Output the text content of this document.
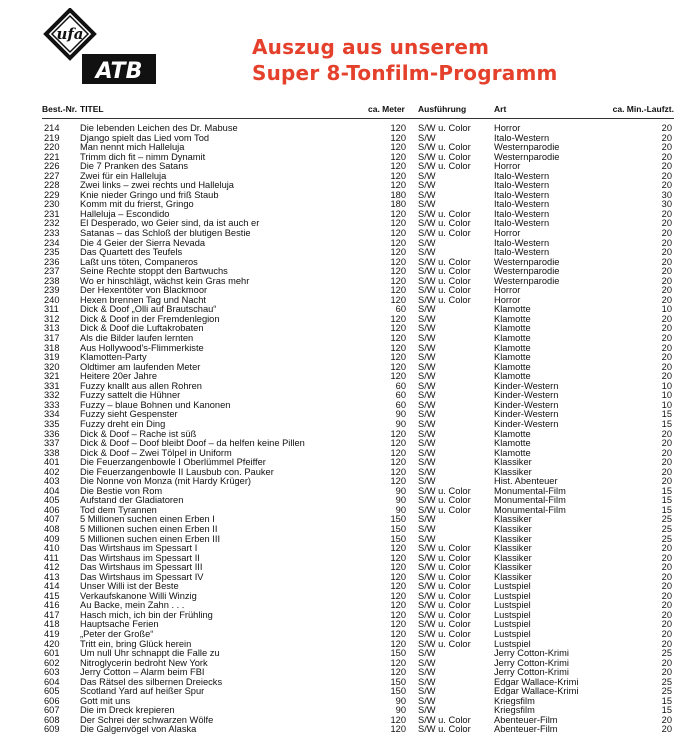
ufa
ATB
Auszug aus unserem
Super 8-Tonfilm-Programm
Best.-Nr. TITEL	ca. Meter Ausführung	Art	ca. Min.-Laufzt.
214 Die lebenden Leichen des Dr. Mabuse	120 S/W u. Color	Horror	20
219 Django spielt das Lied vom Tod	120 S/W	Italo-Western	20
220 Man nennt mich Halleluja	120 S/W u. Color	Westernparodie	20
221 Trimm dich fit – nimm Dynamit	120 S/W u. Color	Westernparodie	20
226 Die 7 Pranken des Satans	120 S/W u. Color	Horror	20
227 Zwei für ein Halleluja	120 S/W	Italo-Western	20
228 Zwei links – zwei rechts und Halleluja	120 S/W	Italo-Western	20
229 Knie nieder Gringo und friß Staub	180 S/W	Italo-Western	30
230 Komm mit du frierst, Gringo	180 S/W	Italo-Western	30
231 Halleluja – Escondido	120 S/W u. Color	Italo-Western	20
232 El Desperado, wo Geier sind, da ist auch er	120 S/W u. Color	Italo-Western	20
233 Satanas – das Schloß der blutigen Bestie	120 S/W u. Color	Horror	20
234 Die 4 Geier der Sierra Nevada	120 S/W	Italo-Western	20
235 Das Quartett des Teufels	120 S/W	Italo-Western	20
236 Laßt uns töten, Companeros	120 S/W u. Color	Westernparodie	20
237 Seine Rechte stoppt den Bartwuchs	120 S/W u. Color	Westernparodie	20
238 Wo er hinschlägt, wächst kein Gras mehr	120 S/W u. Color	Westernparodie	20
239 Der Hexentöter von Blackmoor	120 S/W u. Color	Horror	20
240 Hexen brennen Tag und Nacht	120 S/W u. Color	Horror	20
311 Dick & Doof „Olli auf Brautschau“	60 S/W	Klamotte	10
312 Dick & Doof in der Fremdenlegion	120 S/W	Klamotte	20
313 Dick & Doof die Luftakrobaten	120 S/W	Klamotte	20
317 Als die Bilder laufen lernten	120 S/W	Klamotte	20
318 Aus Hollywood's-Flimmerkiste	120 S/W	Klamotte	20
319 Klamotten-Party	120 S/W	Klamotte	20
320 Oldtimer am laufenden Meter	120 S/W	Klamotte	20
321 Heitere 20er Jahre	120 S/W	Klamotte	20
331 Fuzzy knallt aus allen Rohren	60 S/W	Kinder-Western	10
332 Fuzzy sattelt die Hühner	60 S/W	Kinder-Western	10
333 Fuzzy – blaue Bohnen und Kanonen	60 S/W	Kinder-Western	10
334 Fuzzy sieht Gespenster	90 S/W	Kinder-Western	15
335 Fuzzy dreht ein Ding	90 S/W	Kinder-Western	15
336 Dick & Doof – Rache ist süß	120 S/W	Klamotte	20
337 Dick & Doof – Doof bleibt Doof – da helfen keine Pillen	120 S/W	Klamotte	20
338 Dick & Doof – Zwei Tölpel in Uniform	120 S/W	Klamotte	20
401 Die Feuerzangenbowle I Oberlümmel Pfeiffer	120 S/W	Klassiker	20
402 Die Feuerzangenbowle II Lausbub con. Pauker	120 S/W	Klassiker	20
403 Die Nonne von Monza (mit Hardy Krüger)	120 S/W	Hist. Abenteuer	20
404 Die Bestie von Rom	90 S/W u. Color	Monumental-Film	15
405 Aufstand der Gladiatoren	90 S/W u. Color	Monumental-Film	15
406 Tod dem Tyrannen	90 S/W u. Color	Monumental-Film	15
407 5 Millionen suchen einen Erben I	150 S/W	Klassiker	25
408 5 Millionen suchen einen Erben II	150 S/W	Klassiker	25
409 5 Millionen suchen einen Erben III	150 S/W	Klassiker	25
410 Das Wirtshaus im Spessart I	120 S/W u. Color	Klassiker	20
411 Das Wirtshaus im Spessart II	120 S/W u. Color	Klassiker	20
412 Das Wirtshaus im Spessart III	120 S/W u. Color	Klassiker	20
413 Das Wirtshaus im Spessart IV	120 S/W u. Color	Klassiker	20
414 Unser Willi ist der Beste	120 S/W u. Color	Lustspiel	20
415 Verkaufskanone Willi Winzig	120 S/W u. Color	Lustspiel	20
416 Au Backe, mein Zahn . . .	120 S/W u. Color	Lustspiel	20
417 Hasch mich, ich bin der Frühling	120 S/W u. Color	Lustspiel	20
418 Hauptsache Ferien	120 S/W u. Color	Lustspiel	20
419 „Peter der Große“	120 S/W u. Color	Lustspiel	20
420 Tritt ein, bring Glück herein	120 S/W u. Color	Lustspiel	20
601 Um null Uhr schnappt die Falle zu	150 S/W	Jerry Cotton-Krimi	25
602 Nitroglycerin bedroht New York	120 S/W	Jerry Cotton-Krimi	20
603 Jerry Cotton – Alarm beim FBI	120 S/W	Jerry Cotton-Krimi	20
604 Das Rätsel des silbernen Dreiecks	150 S/W	Edgar Wallace-Krimi	25
605 Scotland Yard auf heißer Spur	150 S/W	Edgar Wallace-Krimi	25
606 Gott mit uns	90 S/W	Kriegsfilm	15
607 Die im Dreck krepieren	90 S/W	Kriegsfilm	15
608 Der Schrei der schwarzen Wölfe	120 S/W u. Color	Abenteuer-Film	20
609 Die Galgenvögel von Alaska	120 S/W u. Color	Abenteuer-Film	20
